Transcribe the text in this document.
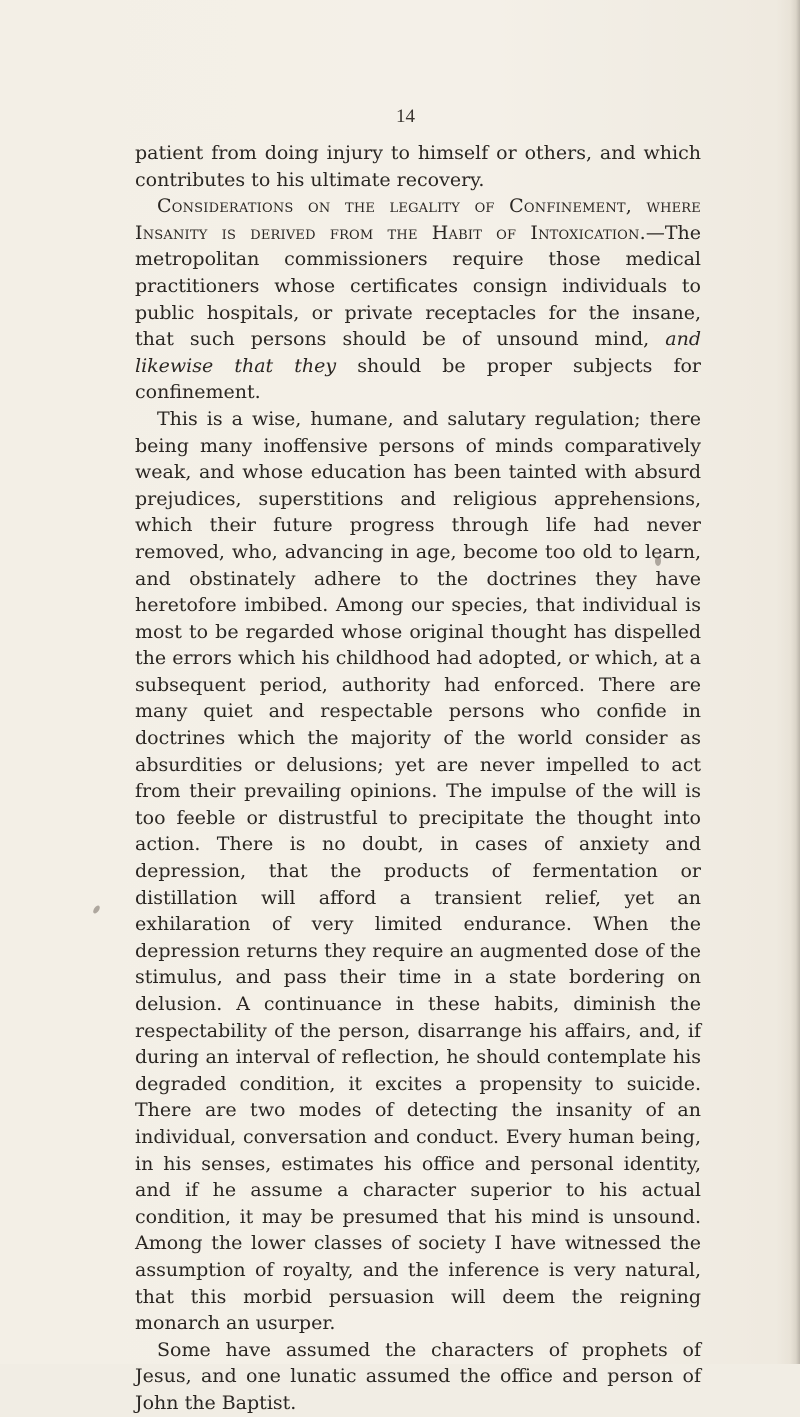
14

patient from doing injury to himself or others, and which contributes to his ultimate recovery.

Considerations on the legality of Confinement, where Insanity is derived from the Habit of Intoxication.—The metropolitan commissioners require those medical practitioners whose certificates consign individuals to public hospitals, or private receptacles for the insane, that such persons should be of unsound mind, and likewise that they should be proper subjects for confinement.

This is a wise, humane, and salutary regulation; there being many inoffensive persons of minds comparatively weak, and whose education has been tainted with absurd prejudices, superstitions and religious apprehensions, which their future progress through life had never removed, who, advancing in age, become too old to learn, and obstinately adhere to the doctrines they have heretofore imbibed. Among our species, that individual is most to be regarded whose original thought has dispelled the errors which his childhood had adopted, or which, at a subsequent period, authority had enforced. There are many quiet and respectable persons who confide in doctrines which the majority of the world consider as absurdities or delusions; yet are never impelled to act from their prevailing opinions. The impulse of the will is too feeble or distrustful to precipitate the thought into action. There is no doubt, in cases of anxiety and depression, that the products of fermentation or distillation will afford a transient relief, yet an exhilaration of very limited endurance. When the depression returns they require an augmented dose of the stimulus, and pass their time in a state bordering on delusion. A continuance in these habits, diminish the respectability of the person, disarrange his affairs, and, if during an interval of reflection, he should contemplate his degraded condition, it excites a propensity to suicide. There are two modes of detecting the insanity of an individual, conversation and conduct. Every human being, in his senses, estimates his office and personal identity, and if he assume a character superior to his actual condition, it may be presumed that his mind is unsound. Among the lower classes of society I have witnessed the assumption of royalty, and the inference is very natural, that this morbid persuasion will deem the reigning monarch an usurper.

Some have assumed the characters of prophets of Jesus, and one lunatic assumed the office and person of John the Baptist.
